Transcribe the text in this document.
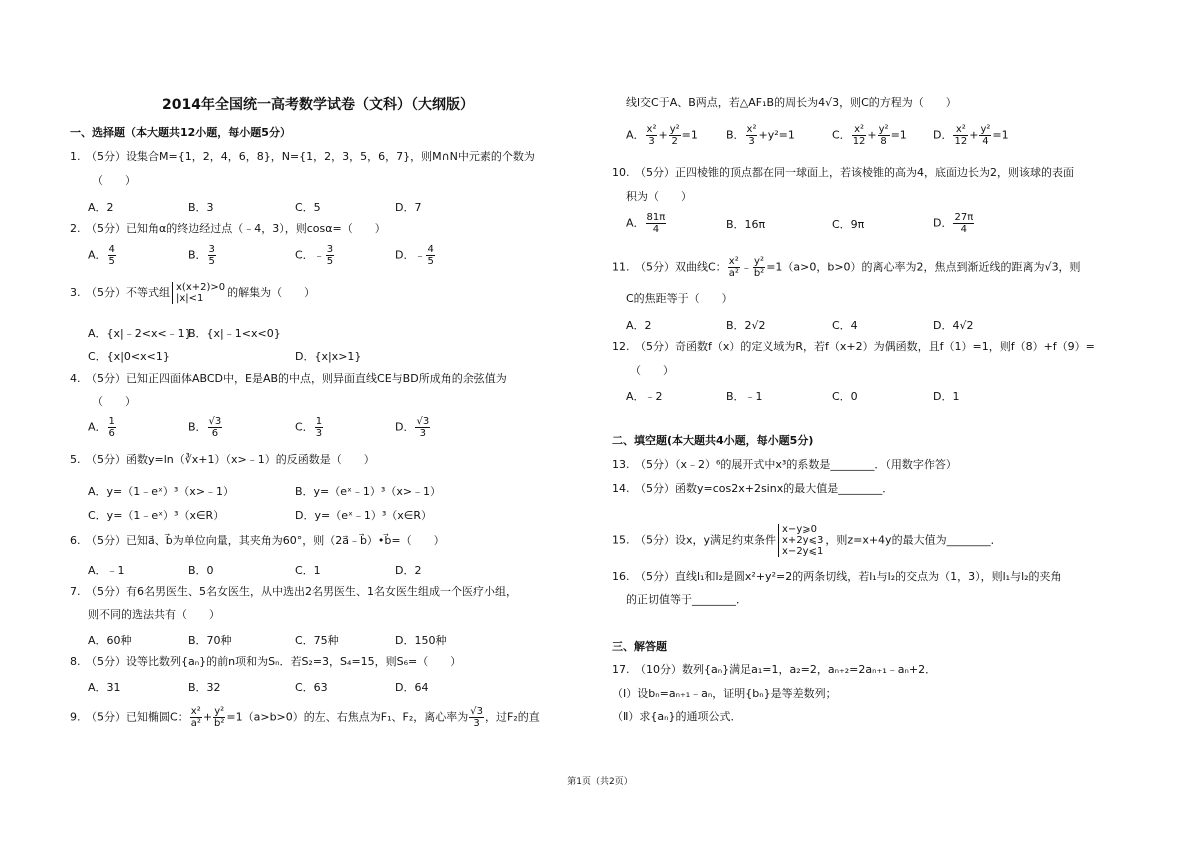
2014年全国统一高考数学试卷（文科）（大纲版）
一、选择题（本大题共12小题，每小题5分）
1.　（5分）设集合M={1，2，4，6，8}，N={1，2，3，5，6，7}，则M∩N中元素的个数为
（　　）
A．2	B．3	C．5	D．7
2.　（5分）已知角α的终边经过点（﹣4，3），则cosα=（　　）
A． $\frac{4}{5}$	B． $\frac{3}{5}$	C．﹣ $\frac{3}{5}$	D．﹣ $\frac{4}{5}$
3.　（5分）不等式组 x(x+2)>0
|x|<1	的解集为（　　）
A．{x|﹣2<x<﹣1}
B．{x|﹣1<x<0}
C．{x|0<x<1}	D．{x|x>1}
4.　（5分）已知正四面体ABCD中，E是AB的中点，则异面直线CE与BD所成角的余弦值为
（　　）
A． $\frac{1}{6}$	B． $\frac{√3}{6}$	C． $\frac{1}{3}$	D． $\frac{√3}{3}$
5.　（5分）函数y=ln（∛x+1）（x>﹣1）的反函数是（　　）
A．y=（1﹣eˣ）³（x>﹣1）	B．y=（eˣ﹣1）³（x>﹣1）
C．y=（1﹣eˣ）³（x∈R）	D．y=（eˣ﹣1）³（x∈R）
6.　（5分）已知a⃗、b⃗为单位向量，其夹角为60°，则（2a⃗﹣b⃗）•b⃗=（　　）
A．﹣1	B．0	C．1	D．2
7.　（5分）有6名男医生、5名女医生，从中选出2名男医生、1名女医生组成一个医疗小组，
则不同的选法共有（　　）
A．60种	B．70种	C．75种	D．150种
8.　（5分）设等比数列{aₙ}的前n项和为Sₙ．若S₂=3，S₄=15，则S₆=（　　）
A．31	B．32	C．63	D．64
9.　（5分）已知椭圆C： $\frac{\text{x²}}{\text{a²}} + \frac{\text{y²}}{\text{b²}} =1(a>b>0)$的左、右焦点为F₁、F₂，离心率为 $\frac{√3}{3}$ ，过F₂的直
线l交C于A、B两点，若△AF₁B的周长为4√3，则C的方程为（　　）
A． $\frac{\text{x²}}{3} + \frac{\text{y²}}{2} =1$	B． $\frac{\text{x²}}{3} +y^2=1$	C． $\frac{\text{x²}}{12} + \frac{\text{y²}}{8} =1$ D． $\frac{\text{x²}}{12} + \frac{\text{y²}}{4} =1$
10.　（5分）正四棱锥的顶点都在同一球面上，若该棱锥的高为4，底面边长为2，则该球的表面
积为（　　）
A． $\frac{81\pi}{4}$	B．16π	C．9π	D． $\frac{27\pi}{4}$
11.　（5分）双曲线C： $\frac{\text{x²}}{\text{a²}}$ ﹣ $\frac{\text{y²}}{\text{b²}} =1(a>0$，b>0）的离心率为2，焦点到渐近线的距离为√3，则
C的焦距等于（　　）
A．2	B．2√2	C．4	D．4√2
12.　（5分）奇函数f（x）的定义域为R，若f（x+2）为偶函数，且f（1）=1，则f（8）+f（9）=
（　　）
A．﹣2	B．﹣1	C．0	D．1
二、填空题(本大题共4小题，每小题5分)
13.　（5分）（x﹣2）⁶的展开式中x³的系数是________．（用数字作答）
14.　（5分）函数y=cos2x+2sinx的最大值是________．
15.　（5分）设x，y满足约束条件
x−y⩾0
x+2y⩽3
x−2y⩽1
，则z=x+4y的最大值为________．
16.　（5分）直线l₁和l₂是圆x²+y²=2的两条切线，若l₁与l₂的交点为（1，3），则l₁与l₂的夹角
的正切值等于________．
三、解答题
17.　（10分）数列{aₙ}满足a₁=1，a₂=2，aₙ₊₂=2aₙ₊₁﹣aₙ+2．
（Ⅰ）设bₙ=aₙ₊₁﹣aₙ，证明{bₙ}是等差数列；
（Ⅱ）求{aₙ}的通项公式．
第1页（共2页）
